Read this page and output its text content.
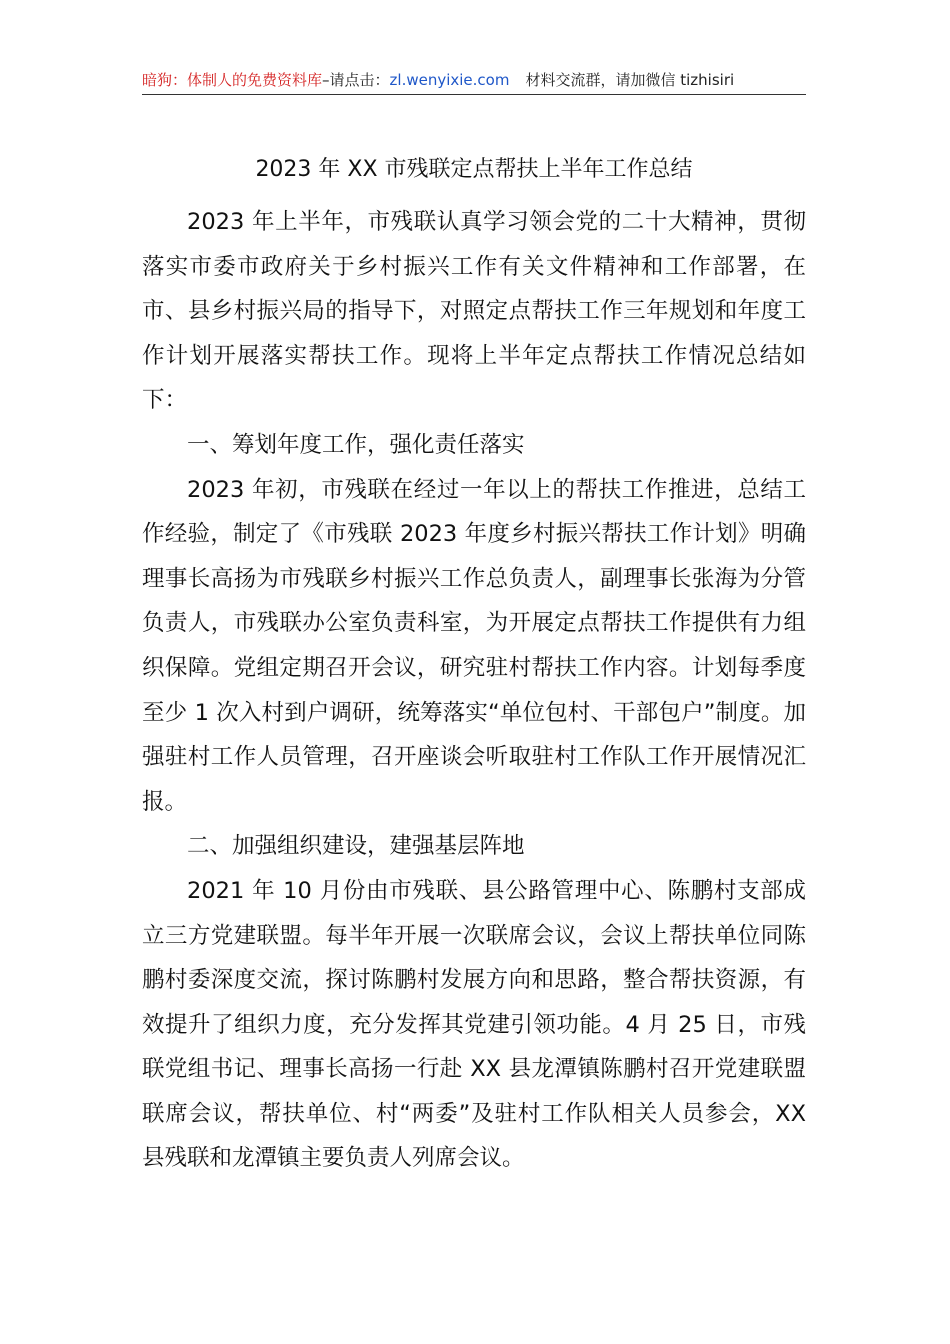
暗狗：体制人的免费资料库–请点击：zl.wenyixie.com 材料交流群，请加微信 tizhisiri
2023 年 XX 市残联定点帮扶上半年工作总结

2023 年上半年，市残联认真学习领会党的二十大精神，贯彻落实市委市政府关于乡村振兴工作有关文件精神和工作部署，在市、县乡村振兴局的指导下，对照定点帮扶工作三年规划和年度工作计划开展落实帮扶工作。现将上半年定点帮扶工作情况总结如下：

一、筹划年度工作，强化责任落实

2023 年初，市残联在经过一年以上的帮扶工作推进，总结工作经验，制定了《市残联 2023 年度乡村振兴帮扶工作计划》明确理事长高扬为市残联乡村振兴工作总负责人，副理事长张海为分管负责人，市残联办公室负责科室，为开展定点帮扶工作提供有力组织保障。党组定期召开会议，研究驻村帮扶工作内容。计划每季度至少 1 次入村到户调研，统筹落实“单位包村、干部包户”制度。加强驻村工作人员管理，召开座谈会听取驻村工作队工作开展情况汇报。

二、加强组织建设，建强基层阵地

2021 年 10 月份由市残联、县公路管理中心、陈鹏村支部成立三方党建联盟。每半年开展一次联席会议，会议上帮扶单位同陈鹏村委深度交流，探讨陈鹏村发展方向和思路，整合帮扶资源，有效提升了组织力度，充分发挥其党建引领功能。4 月 25 日，市残联党组书记、理事长高扬一行赴 XX 县龙潭镇陈鹏村召开党建联盟联席会议，帮扶单位、村“两委”及驻村工作队相关人员参会，XX 县残联和龙潭镇主要负责人列席会议。
